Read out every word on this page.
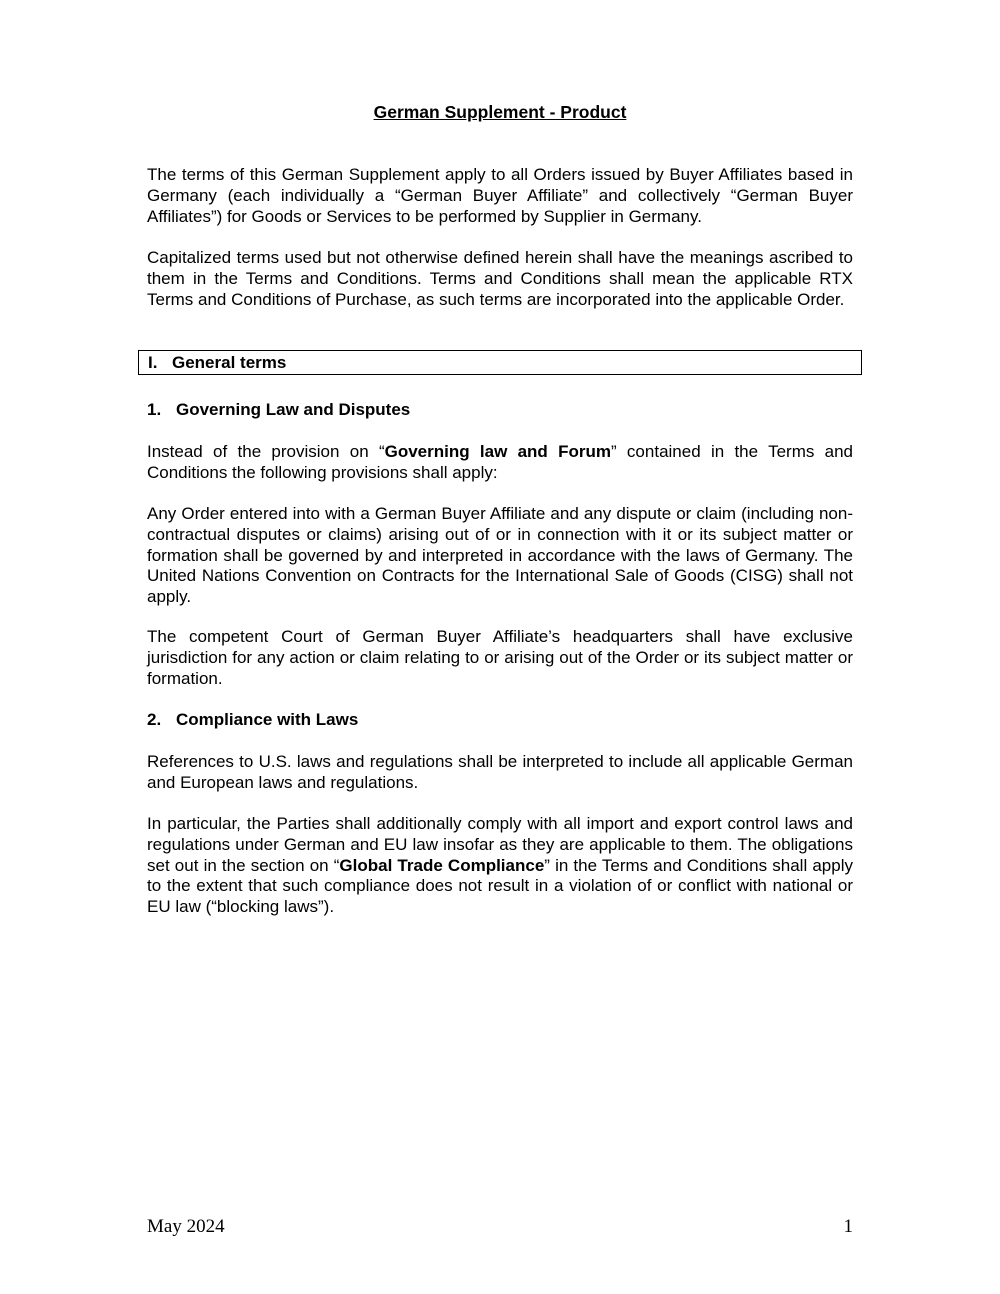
German Supplement - Product

The terms of this German Supplement apply to all Orders issued by Buyer Affiliates based in Germany (each individually a “German Buyer Affiliate” and collectively “German Buyer Affiliates”) for Goods or Services to be performed by Supplier in Germany.

Capitalized terms used but not otherwise defined herein shall have the meanings ascribed to them in the Terms and Conditions. Terms and Conditions shall mean the applicable RTX Terms and Conditions of Purchase, as such terms are incorporated into the applicable Order.

I. General terms
1. Governing Law and Disputes

Instead of the provision on “Governing law and Forum” contained in the Terms and Conditions the following provisions shall apply:

Any Order entered into with a German Buyer Affiliate and any dispute or claim (including non-contractual disputes or claims) arising out of or in connection with it or its subject matter or formation shall be governed by and interpreted in accordance with the laws of Germany. The United Nations Convention on Contracts for the International Sale of Goods (CISG) shall not apply.

The competent Court of German Buyer Affiliate’s headquarters shall have exclusive jurisdiction for any action or claim relating to or arising out of the Order or its subject matter or formation.

2. Compliance with Laws

References to U.S. laws and regulations shall be interpreted to include all applicable German and European laws and regulations.

In particular, the Parties shall additionally comply with all import and export control laws and regulations under German and EU law insofar as they are applicable to them. The obligations set out in the section on “Global Trade Compliance” in the Terms and Conditions shall apply to the extent that such compliance does not result in a violation of or conflict with national or EU law (“blocking laws”).

May 2024	1
